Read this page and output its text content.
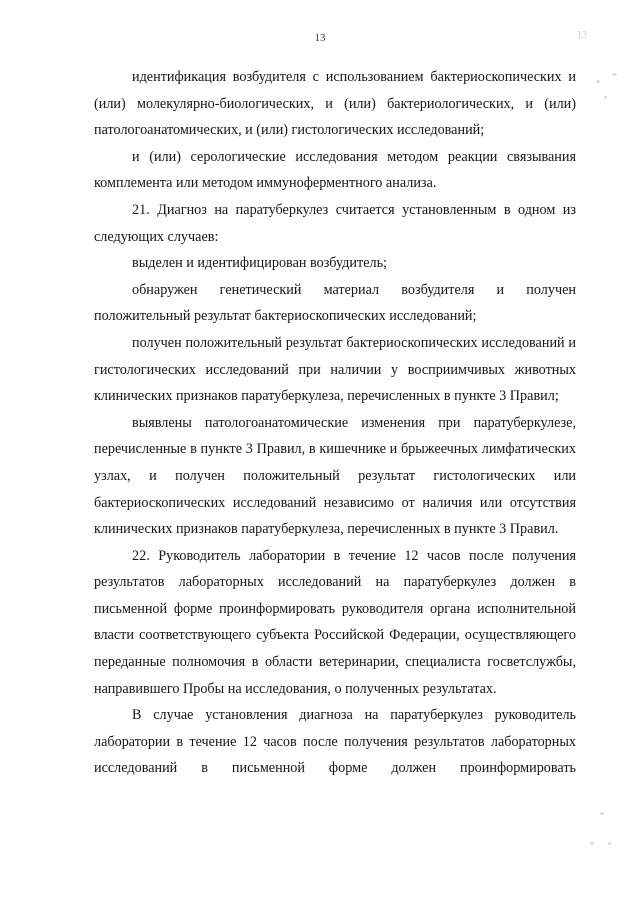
13	13

идентификация возбудителя с использованием бактериоскопических и (или) молекулярно-биологических, и (или) бактериологических, и (или) патологоанатомических, и (или) гистологических исследований;

и (или) серологические исследования методом реакции связывания комплемента или методом иммуноферментного анализа.

21. Диагноз на паратуберкулез считается установленным в одном из следующих случаев:

выделен и идентифицирован возбудитель;

обнаружен генетический материал возбудителя и получен положительный результат бактериоскопических исследований;

получен положительный результат бактериоскопических исследований и гистологических исследований при наличии у восприимчивых животных клинических признаков паратуберкулеза, перечисленных в пункте 3 Правил;

выявлены патологоанатомические изменения при паратуберкулезе, перечисленные в пункте 3 Правил, в кишечнике и брыжеечных лимфатических узлах, и получен положительный результат гистологических или бактериоскопических исследований независимо от наличия или отсутствия клинических признаков паратуберкулеза, перечисленных в пункте 3 Правил.

22. Руководитель лаборатории в течение 12 часов после получения результатов лабораторных исследований на паратуберкулез должен в письменной форме проинформировать руководителя органа исполнительной власти соответствующего субъекта Российской Федерации, осуществляющего переданные полномочия в области ветеринарии, специалиста госветслужбы, направившего Пробы на исследования, о полученных результатах.

В случае установления диагноза на паратуберкулез руководитель лаборатории в течение 12 часов после получения результатов лабораторных исследований в письменной форме должен проинформировать
